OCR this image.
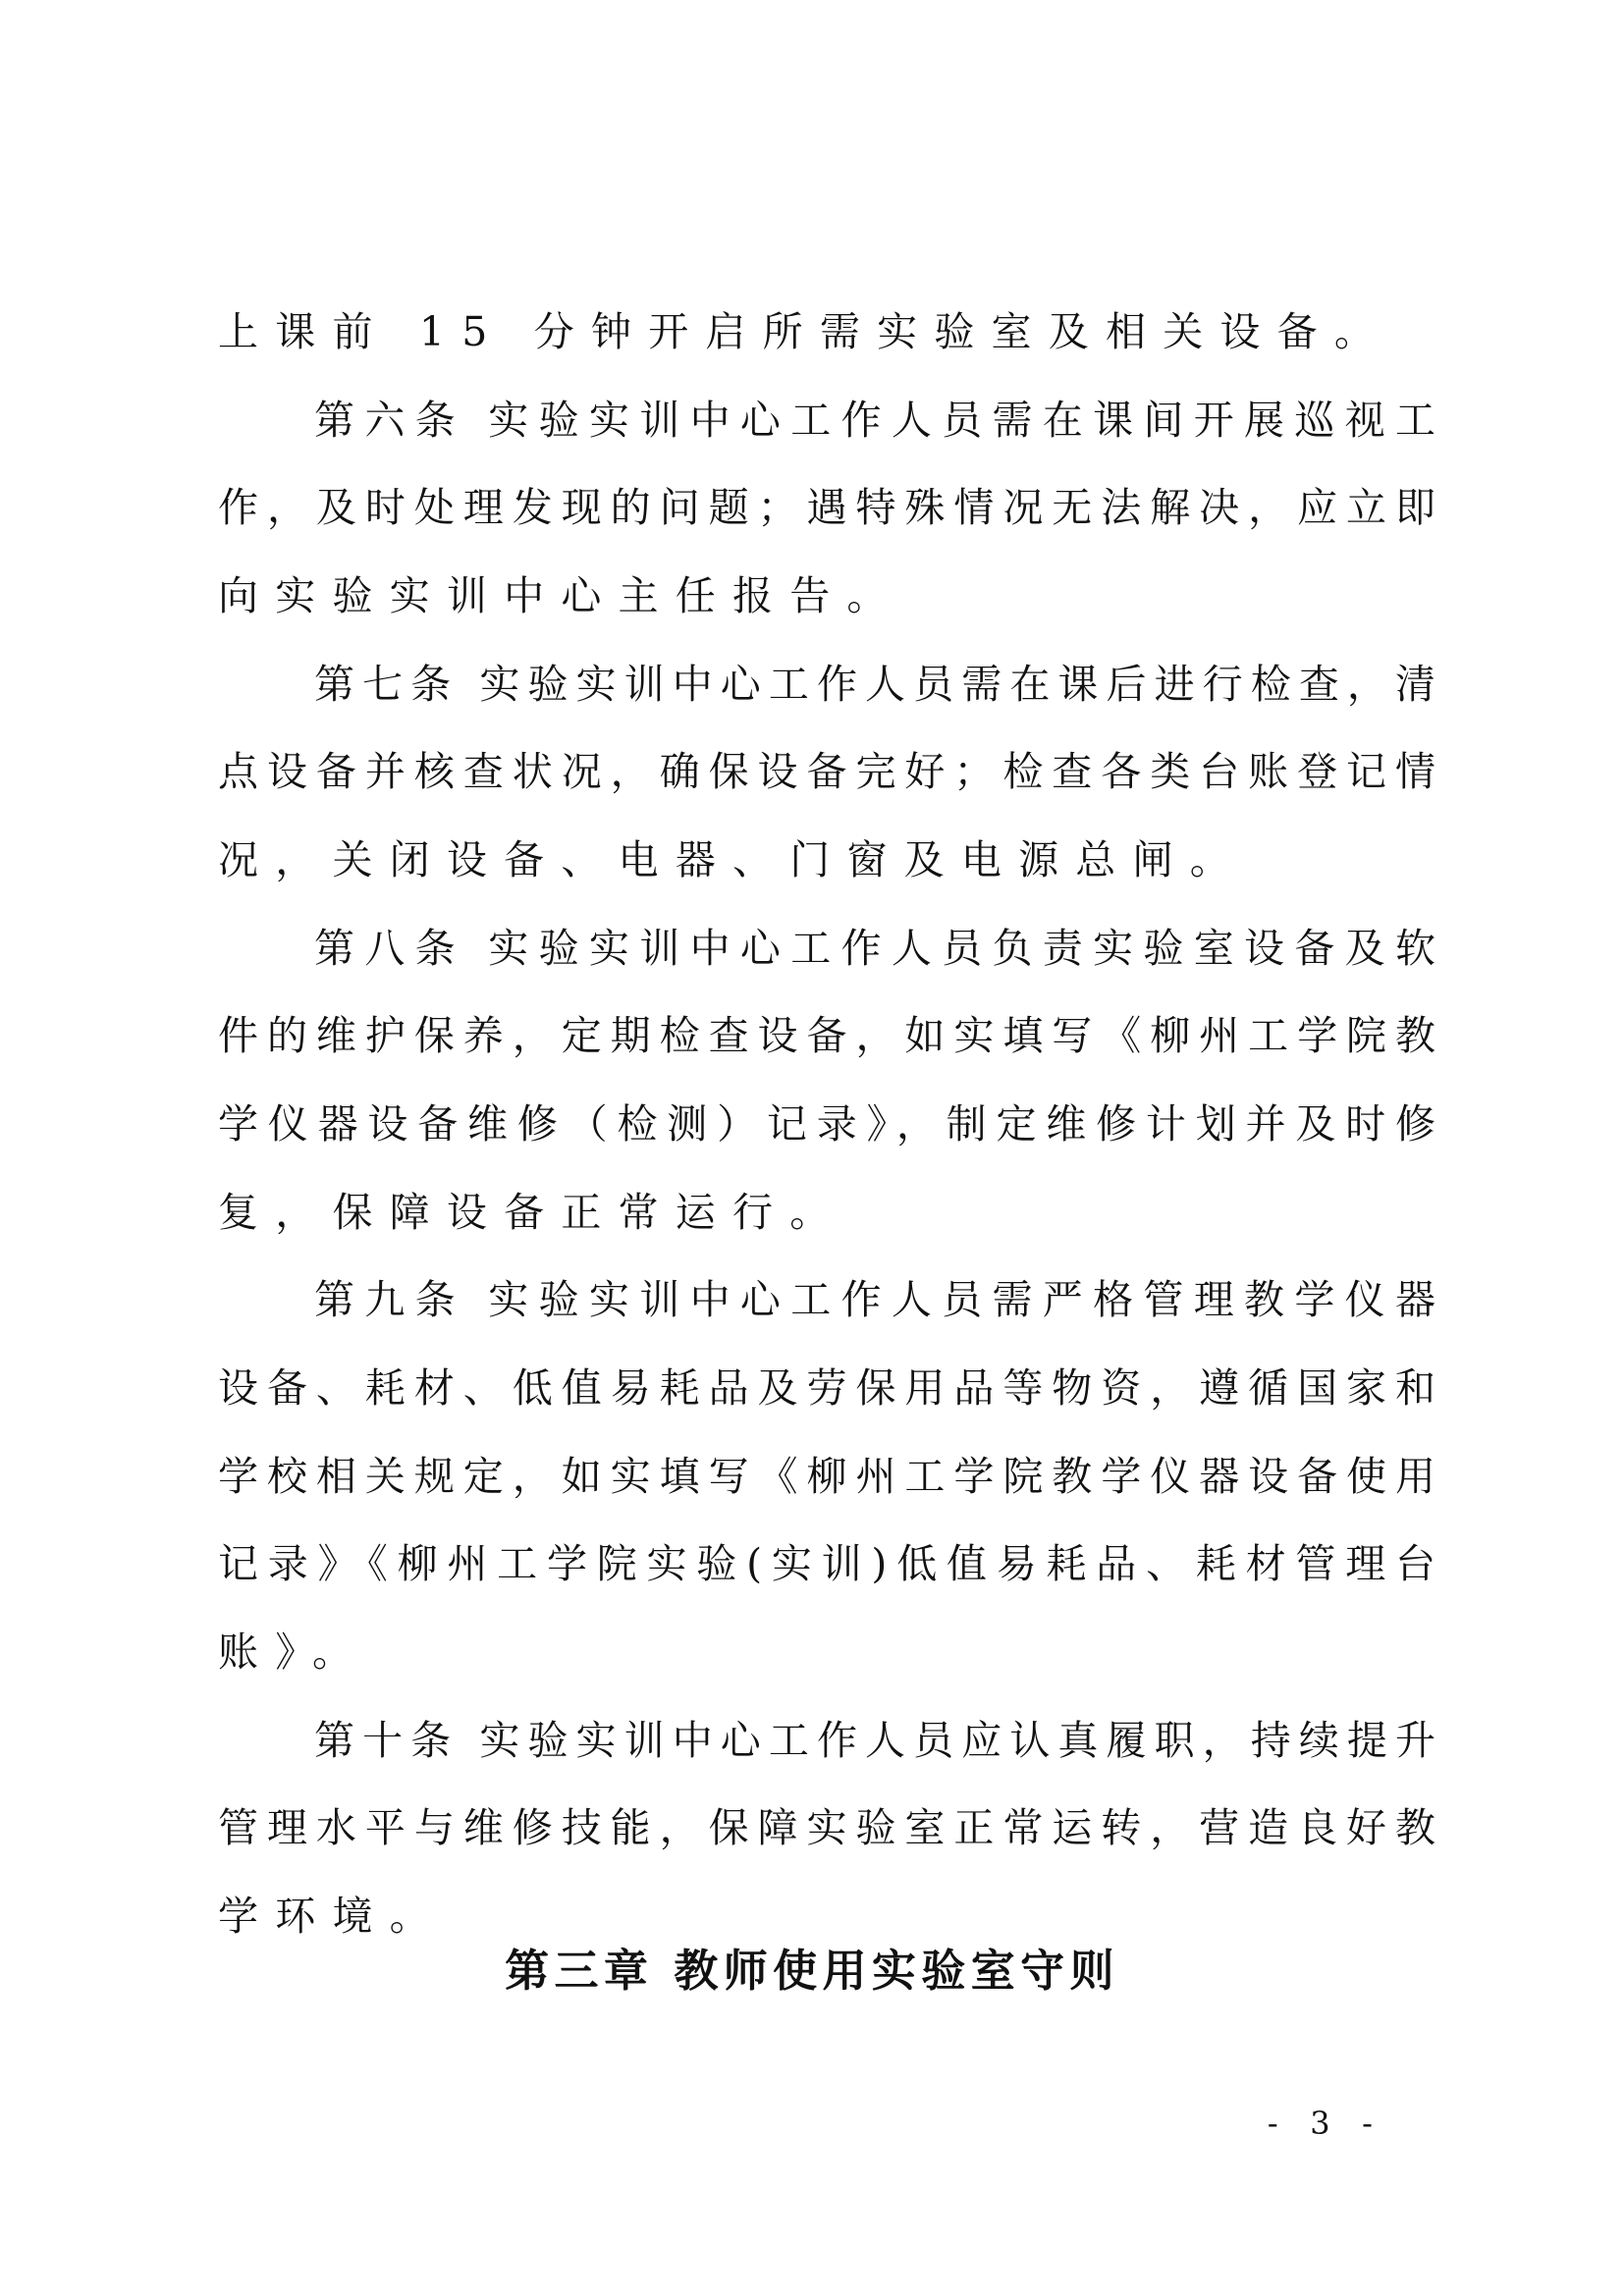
上课前 15 分钟开启所需实验室及相关设备。
第六条 实验实训中心工作人员需在课间开展巡视工
作，及时处理发现的问题；遇特殊情况无法解决，应立即
向实验实训中心主任报告。
第七条 实验实训中心工作人员需在课后进行检查，清
点设备并核查状况，确保设备完好；检查各类台账登记情
况，关闭设备、电器、门窗及电源总闸。
第八条 实验实训中心工作人员负责实验室设备及软
件的维护保养，定期检查设备，如实填写《柳州工学院教
学仪器设备维修（检测）记录》，制定维修计划并及时修
复，保障设备正常运行。
第九条 实验实训中心工作人员需严格管理教学仪器
设备、耗材、低值易耗品及劳保用品等物资，遵循国家和
学校相关规定，如实填写《柳州工学院教学仪器设备使用
记录》《柳州工学院实验(实训)低值易耗品、耗材管理台
账》。
第十条 实验实训中心工作人员应认真履职，持续提升
管理水平与维修技能，保障实验室正常运转，营造良好教
学环境。
第三章 教师使用实验室守则
- 3 -
